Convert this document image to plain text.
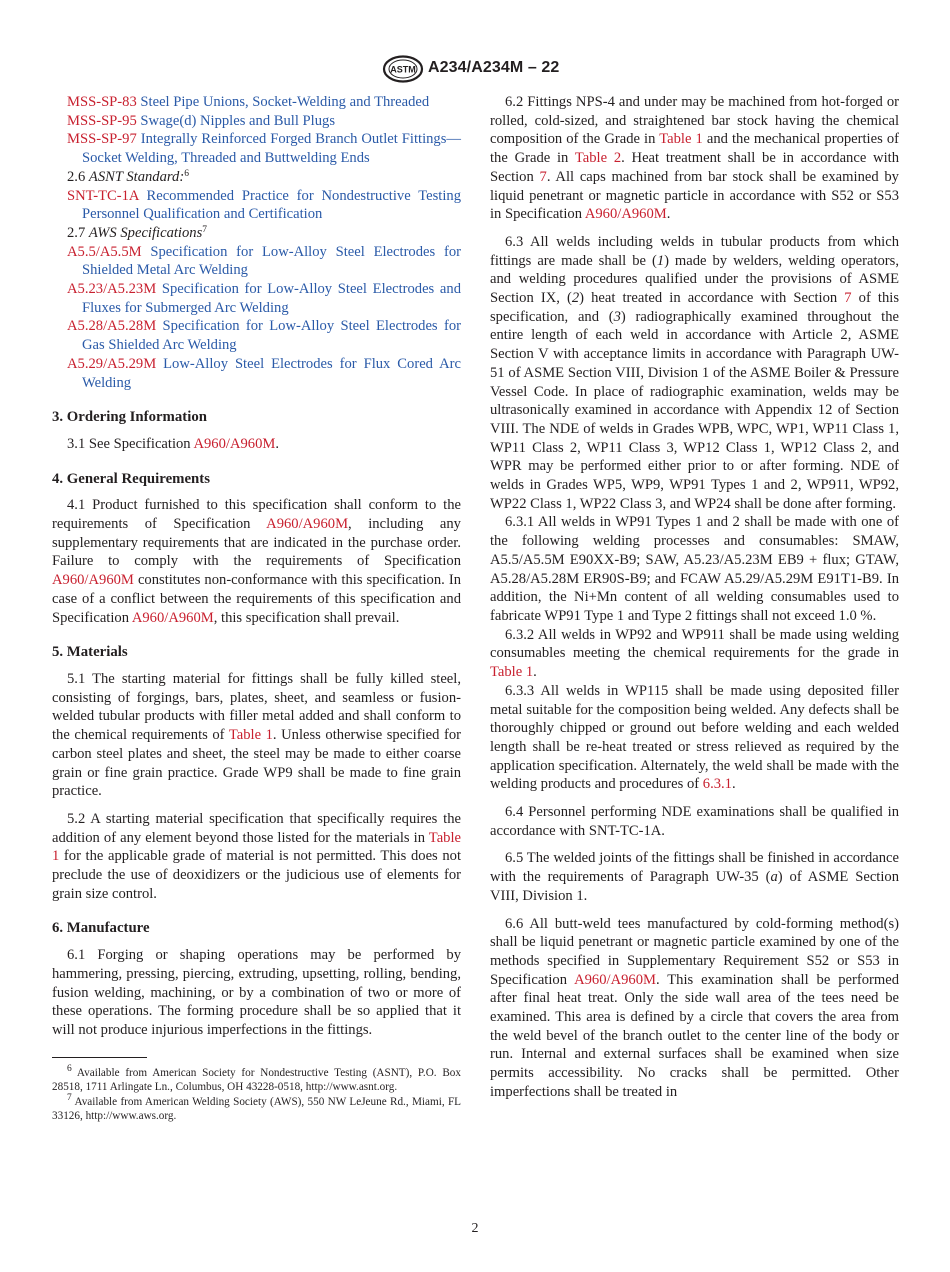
ASTM A234/A234M – 22

MSS-SP-83 Steel Pipe Unions, Socket-Welding and Threaded

MSS-SP-95 Swage(d) Nipples and Bull Plugs

MSS-SP-97 Integrally Reinforced Forged Branch Outlet Fittings—Socket Welding, Threaded and Buttwelding Ends

2.6 ASNT Standard:$^6$

SNT-TC-1A Recommended Practice for Nondestructive Testing Personnel Qualification and Certification

2.7 AWS Specifications$^7$

A5.5/A5.5M Specification for Low-Alloy Steel Electrodes for Shielded Metal Arc Welding

A5.23/A5.23M Specification for Low-Alloy Steel Electrodes and Fluxes for Submerged Arc Welding

A5.28/A5.28M Specification for Low-Alloy Steel Electrodes for Gas Shielded Arc Welding

A5.29/A5.29M Low-Alloy Steel Electrodes for Flux Cored Arc Welding

3. Ordering Information

3.1 See Specification A960/A960M.

4. General Requirements

4.1 Product furnished to this specification shall conform to the requirements of Specification A960/A960M, including any supplementary requirements that are indicated in the purchase order. Failure to comply with the requirements of Specification A960/A960M constitutes non-conformance with this specification. In case of a conflict between the requirements of this specification and Specification A960/A960M, this specification shall prevail.

5. Materials

5.1 The starting material for fittings shall be fully killed steel, consisting of forgings, bars, plates, sheet, and seamless or fusion-welded tubular products with filler metal added and shall conform to the chemical requirements of Table 1. Unless otherwise specified for carbon steel plates and sheet, the steel may be made to either coarse grain or fine grain practice. Grade WP9 shall be made to fine grain practice.

5.2 A starting material specification that specifically requires the addition of any element beyond those listed for the materials in Table 1 for the applicable grade of material is not permitted. This does not preclude the use of deoxidizers or the judicious use of elements for grain size control.

6. Manufacture

6.1 Forging or shaping operations may be performed by hammering, pressing, piercing, extruding, upsetting, rolling, bending, fusion welding, machining, or by a combination of two or more of these operations. The forming procedure shall be so applied that it will not produce injurious imperfections in the fittings.

$^6$ Available from American Society for Nondestructive Testing (ASNT), P.O. Box 28518, 1711 Arlingate Ln., Columbus, OH 43228-0518, http://www.asnt.org.

$^7$ Available from American Welding Society (AWS), 550 NW LeJeune Rd., Miami, FL 33126, http://www.aws.org.

6.2 Fittings NPS-4 and under may be machined from hot-forged or rolled, cold-sized, and straightened bar stock having the chemical composition of the Grade in Table 1 and the mechanical properties of the Grade in Table 2. Heat treatment shall be in accordance with Section 7. All caps machined from bar stock shall be examined by liquid penetrant or magnetic particle in accordance with S52 or S53 in Specification A960/A960M.

6.3 All welds including welds in tubular products from which fittings are made shall be (1) made by welders, welding operators, and welding procedures qualified under the provisions of ASME Section IX, (2) heat treated in accordance with Section 7 of this specification, and (3) radiographically examined throughout the entire length of each weld in accordance with Article 2, ASME Section V with acceptance limits in accordance with Paragraph UW-51 of ASME Section VIII, Division 1 of the ASME Boiler & Pressure Vessel Code. In place of radiographic examination, welds may be ultrasonically examined in accordance with Appendix 12 of Section VIII. The NDE of welds in Grades WPB, WPC, WP1, WP11 Class 1, WP11 Class 2, WP11 Class 3, WP12 Class 1, WP12 Class 2, and WPR may be performed either prior to or after forming. NDE of welds in Grades WP5, WP9, WP91 Types 1 and 2, WP911, WP92, WP22 Class 1, WP22 Class 3, and WP24 shall be done after forming.

6.3.1 All welds in WP91 Types 1 and 2 shall be made with one of the following welding processes and consumables: SMAW, A5.5/A5.5M E90XX-B9; SAW, A5.23/A5.23M EB9 + flux; GTAW, A5.28/A5.28M ER90S-B9; and FCAW A5.29/A5.29M E91T1-B9. In addition, the Ni+Mn content of all welding consumables used to fabricate WP91 Type 1 and Type 2 fittings shall not exceed 1.0 %.

6.3.2 All welds in WP92 and WP911 shall be made using welding consumables meeting the chemical requirements for the grade in Table 1.

6.3.3 All welds in WP115 shall be made using deposited filler metal suitable for the composition being welded. Any defects shall be thoroughly chipped or ground out before welding and each welded length shall be re-heat treated or stress relieved as required by the application specification. Alternately, the weld shall be made with the welding products and procedures of 6.3.1.

6.4 Personnel performing NDE examinations shall be qualified in accordance with SNT-TC-1A.

6.5 The welded joints of the fittings shall be finished in accordance with the requirements of Paragraph UW-35 (a) of ASME Section VIII, Division 1.

6.6 All butt-weld tees manufactured by cold-forming method(s) shall be liquid penetrant or magnetic particle examined by one of the methods specified in Supplementary Requirement S52 or S53 in Specification A960/A960M. This examination shall be performed after final heat treat. Only the side wall area of the tees need be examined. This area is defined by a circle that covers the area from the weld bevel of the branch outlet to the center line of the body or run. Internal and external surfaces shall be examined when size permits accessibility. No cracks shall be permitted. Other imperfections shall be treated in

2
